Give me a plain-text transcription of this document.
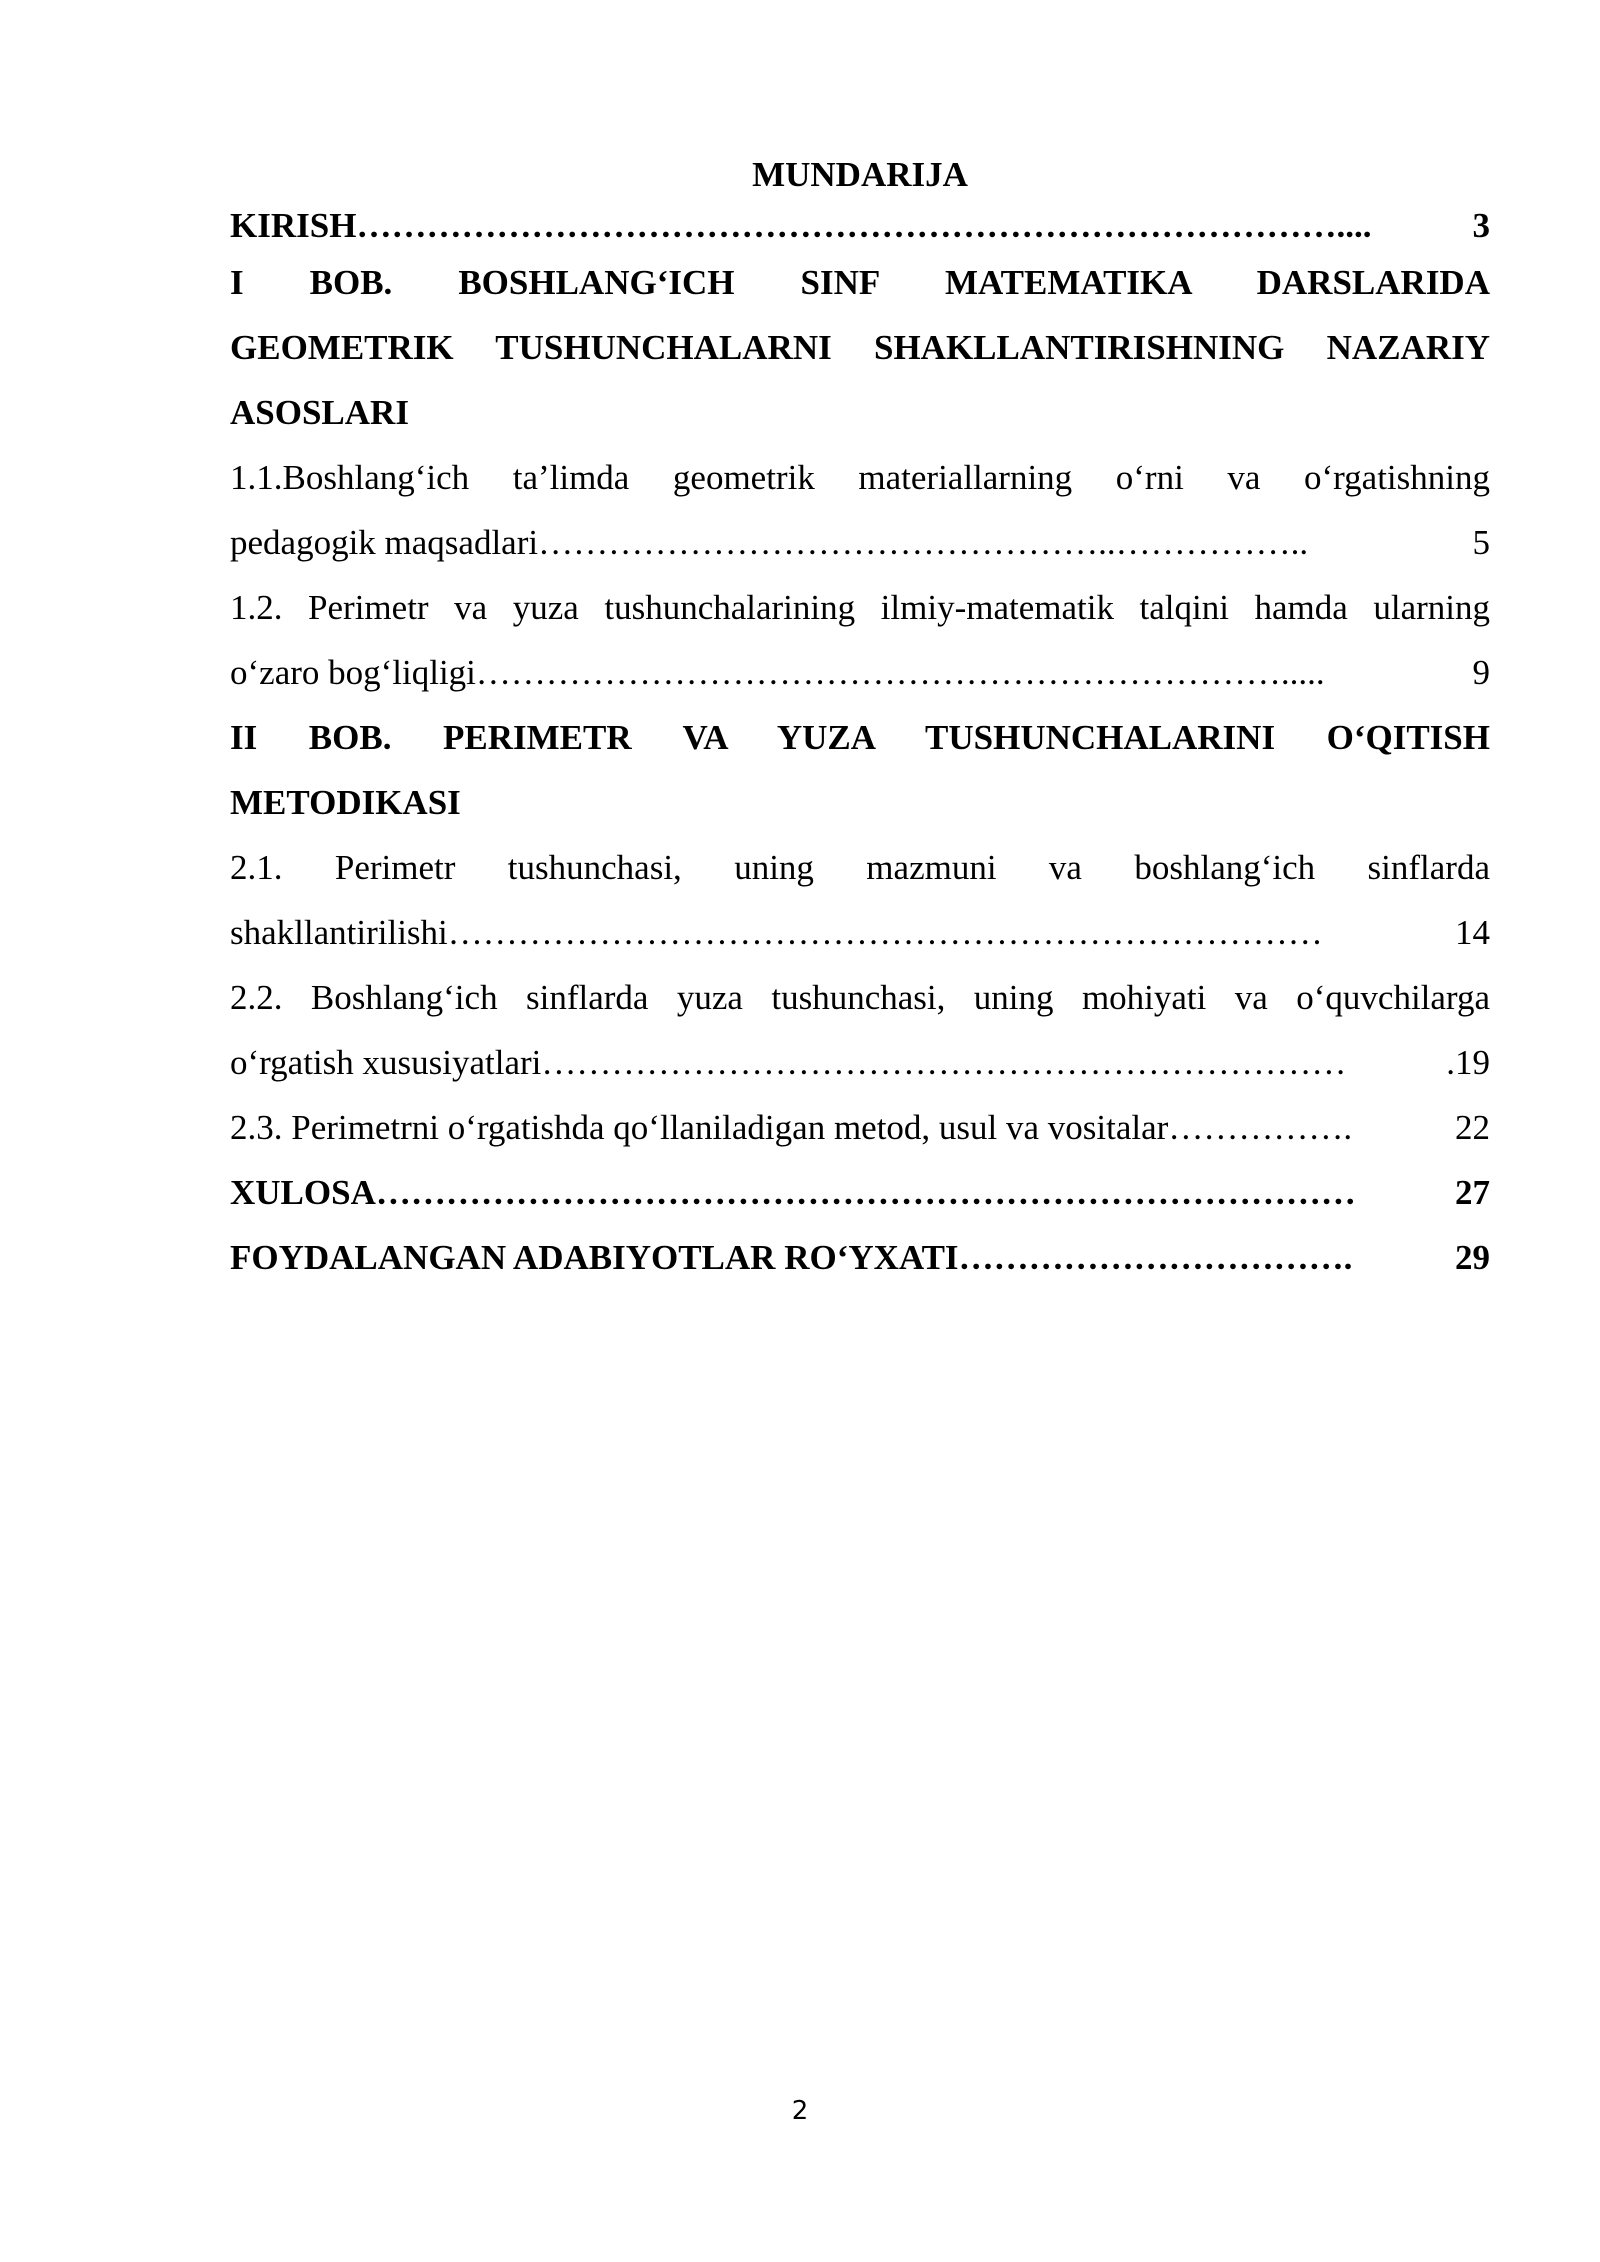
MUNDARIJA
KIRISH …………………………………………………………………………....	3
I BOB. BOSHLANG‘ICH SINF MATEMATIKA DARSLARIDA
GEOMETRIK TUSHUNCHALARNI SHAKLLANTIRISHNING NAZARIY
ASOSLARI
1.1.Boshlang‘ich ta’limda geometrik materiallarning o‘rni va o‘rgatishning
pedagogik maqsadlari …………………………………………..……………..	5
1.2. Perimetr va yuza tushunchalarining ilmiy-matematik talqini hamda ularning
o‘zaro bog‘liqligi …………………………………………………………….....	9
II BOB. PERIMETR VA YUZA TUSHUNCHALARINI O‘QITISH
METODIKASI
2.1. Perimetr tushunchasi, uning mazmuni va boshlang‘ich sinflarda
shakllantirilishi …………………………………………………………………	14
2.2. Boshlang‘ich sinflarda yuza tushunchasi, uning mohiyati va o‘quvchilarga
o‘rgatish xususiyatlari ……………………………………………………………	.19
2.3. Perimetrni o‘rgatishda qo‘llaniladigan metod, usul va vositalar …………….	22
XULOSA …………………………………………………………………………	27
FOYDALANGAN ADABIYOTLAR RO‘YXATI …………………………….	29
2
